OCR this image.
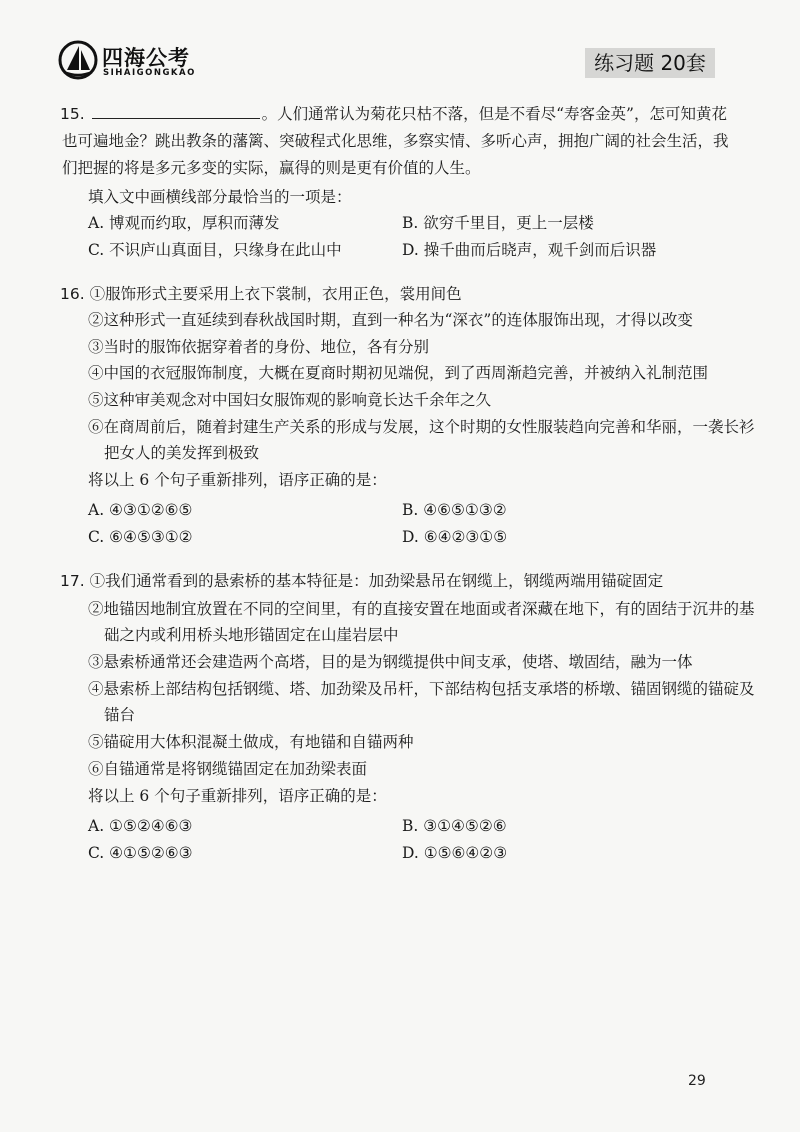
四海公考
SIHAIGONGKAO	练习题 20套
15.	。人们通常认为菊花只枯不落，但是不看尽“寿客金英”，怎可知黄花
也可遍地金？跳出教条的藩篱、突破程式化思维，多察实情、多听心声，拥抱广阔的社会生活，我
们把握的将是多元多变的实际，赢得的则是更有价值的人生。
填入文中画横线部分最恰当的一项是：
A. 博观而约取，厚积而薄发	B. 欲穷千里目，更上一层楼
C. 不识庐山真面目，只缘身在此山中	D. 操千曲而后晓声，观千剑而后识器
16. ①服饰形式主要采用上衣下裳制，衣用正色，裳用间色
②这种形式一直延续到春秋战国时期，直到一种名为“深衣”的连体服饰出现，才得以改变
③当时的服饰依据穿着者的身份、地位，各有分别
④中国的衣冠服饰制度，大概在夏商时期初见端倪，到了西周渐趋完善，并被纳入礼制范围
⑤这种审美观念对中国妇女服饰观的影响竟长达千余年之久
⑥在商周前后，随着封建生产关系的形成与发展，这个时期的女性服装趋向完善和华丽，一袭长衫
把女人的美发挥到极致
将以上 6 个句子重新排列，语序正确的是：
A. ④③①②⑥⑤	B. ④⑥⑤①③②
C. ⑥④⑤③①②	D. ⑥④②③①⑤
17. ①我们通常看到的悬索桥的基本特征是：加劲梁悬吊在钢缆上，钢缆两端用锚碇固定
②地锚因地制宜放置在不同的空间里，有的直接安置在地面或者深藏在地下，有的固结于沉井的基
础之内或利用桥头地形锚固定在山崖岩层中
③悬索桥通常还会建造两个高塔，目的是为钢缆提供中间支承，使塔、墩固结，融为一体
④悬索桥上部结构包括钢缆、塔、加劲梁及吊杆，下部结构包括支承塔的桥墩、锚固钢缆的锚碇及
锚台
⑤锚碇用大体积混凝土做成，有地锚和自锚两种
⑥自锚通常是将钢缆锚固定在加劲梁表面
将以上 6 个句子重新排列，语序正确的是：
A. ①⑤②④⑥③	B. ③①④⑤②⑥
C. ④①⑤②⑥③	D. ①⑤⑥④②③
29
